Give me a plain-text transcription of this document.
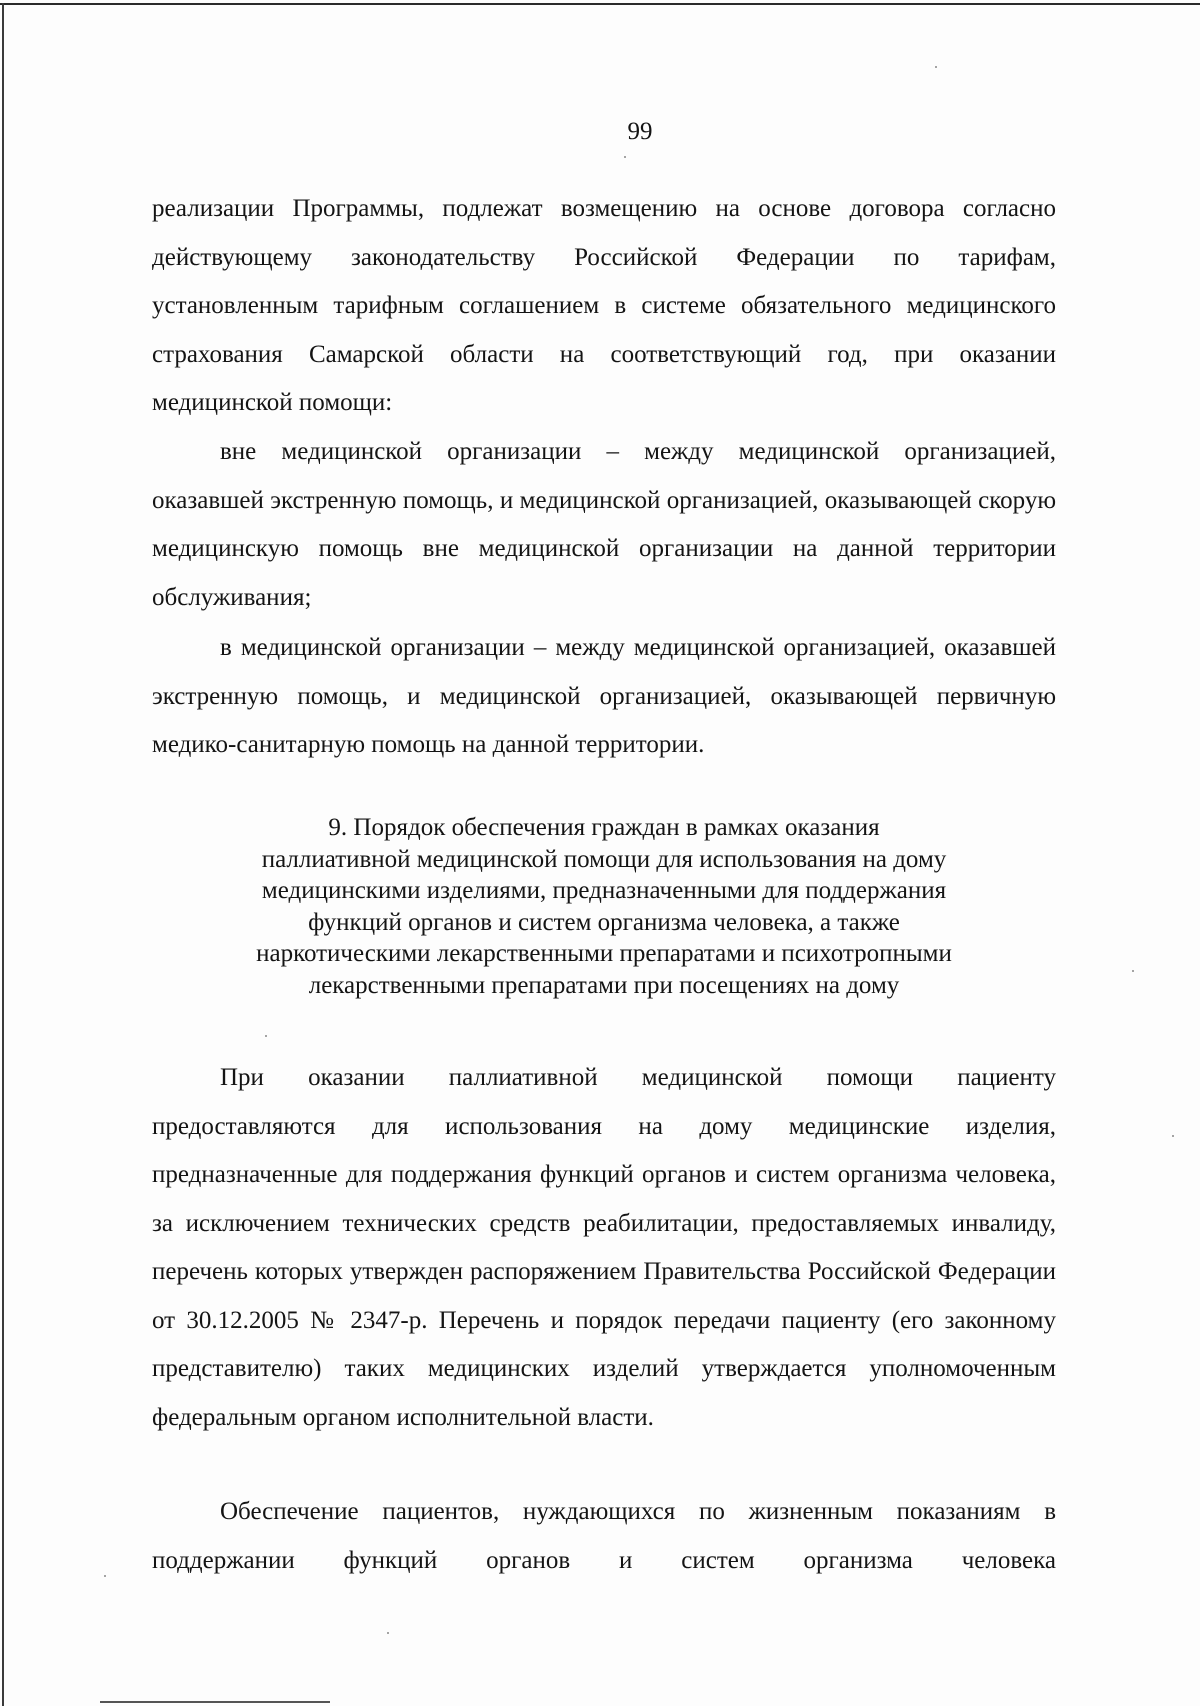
99

реализации Программы, подлежат возмещению на основе договора согласно действующему законодательству Российской Федерации по тарифам, установленным тарифным соглашением в системе обязательного медицинского страхования Самарской области на соответствующий год, при оказании медицинской помощи:

вне медицинской организации – между медицинской организацией, оказавшей экстренную помощь, и медицинской организацией, оказывающей скорую медицинскую помощь вне медицинской организации на данной территории обслуживания;

в медицинской организации – между медицинской организацией, оказавшей экстренную помощь, и медицинской организацией, оказывающей первичную медико-санитарную помощь на данной территории.

9. Порядок обеспечения граждан в рамках оказания
паллиативной медицинской помощи для использования на дому
медицинскими изделиями, предназначенными для поддержания
функций органов и систем организма человека, а также
наркотическими лекарственными препаратами и психотропными
лекарственными препаратами при посещениях на дому

При оказании паллиативной медицинской помощи пациенту предоставляются для использования на дому медицинские изделия, предназначенные для поддержания функций органов и систем организма человека, за исключением технических средств реабилитации, предоставляемых инвалиду, перечень которых утвержден распоряжением Правительства Российской Федерации от 30.12.2005 № 2347-р. Перечень и порядок передачи пациенту (его законному представителю) таких медицинских изделий утверждается уполномоченным федеральным органом исполнительной власти.

Обеспечение пациентов, нуждающихся по жизненным показаниям в поддержании функций органов и систем организма человека
